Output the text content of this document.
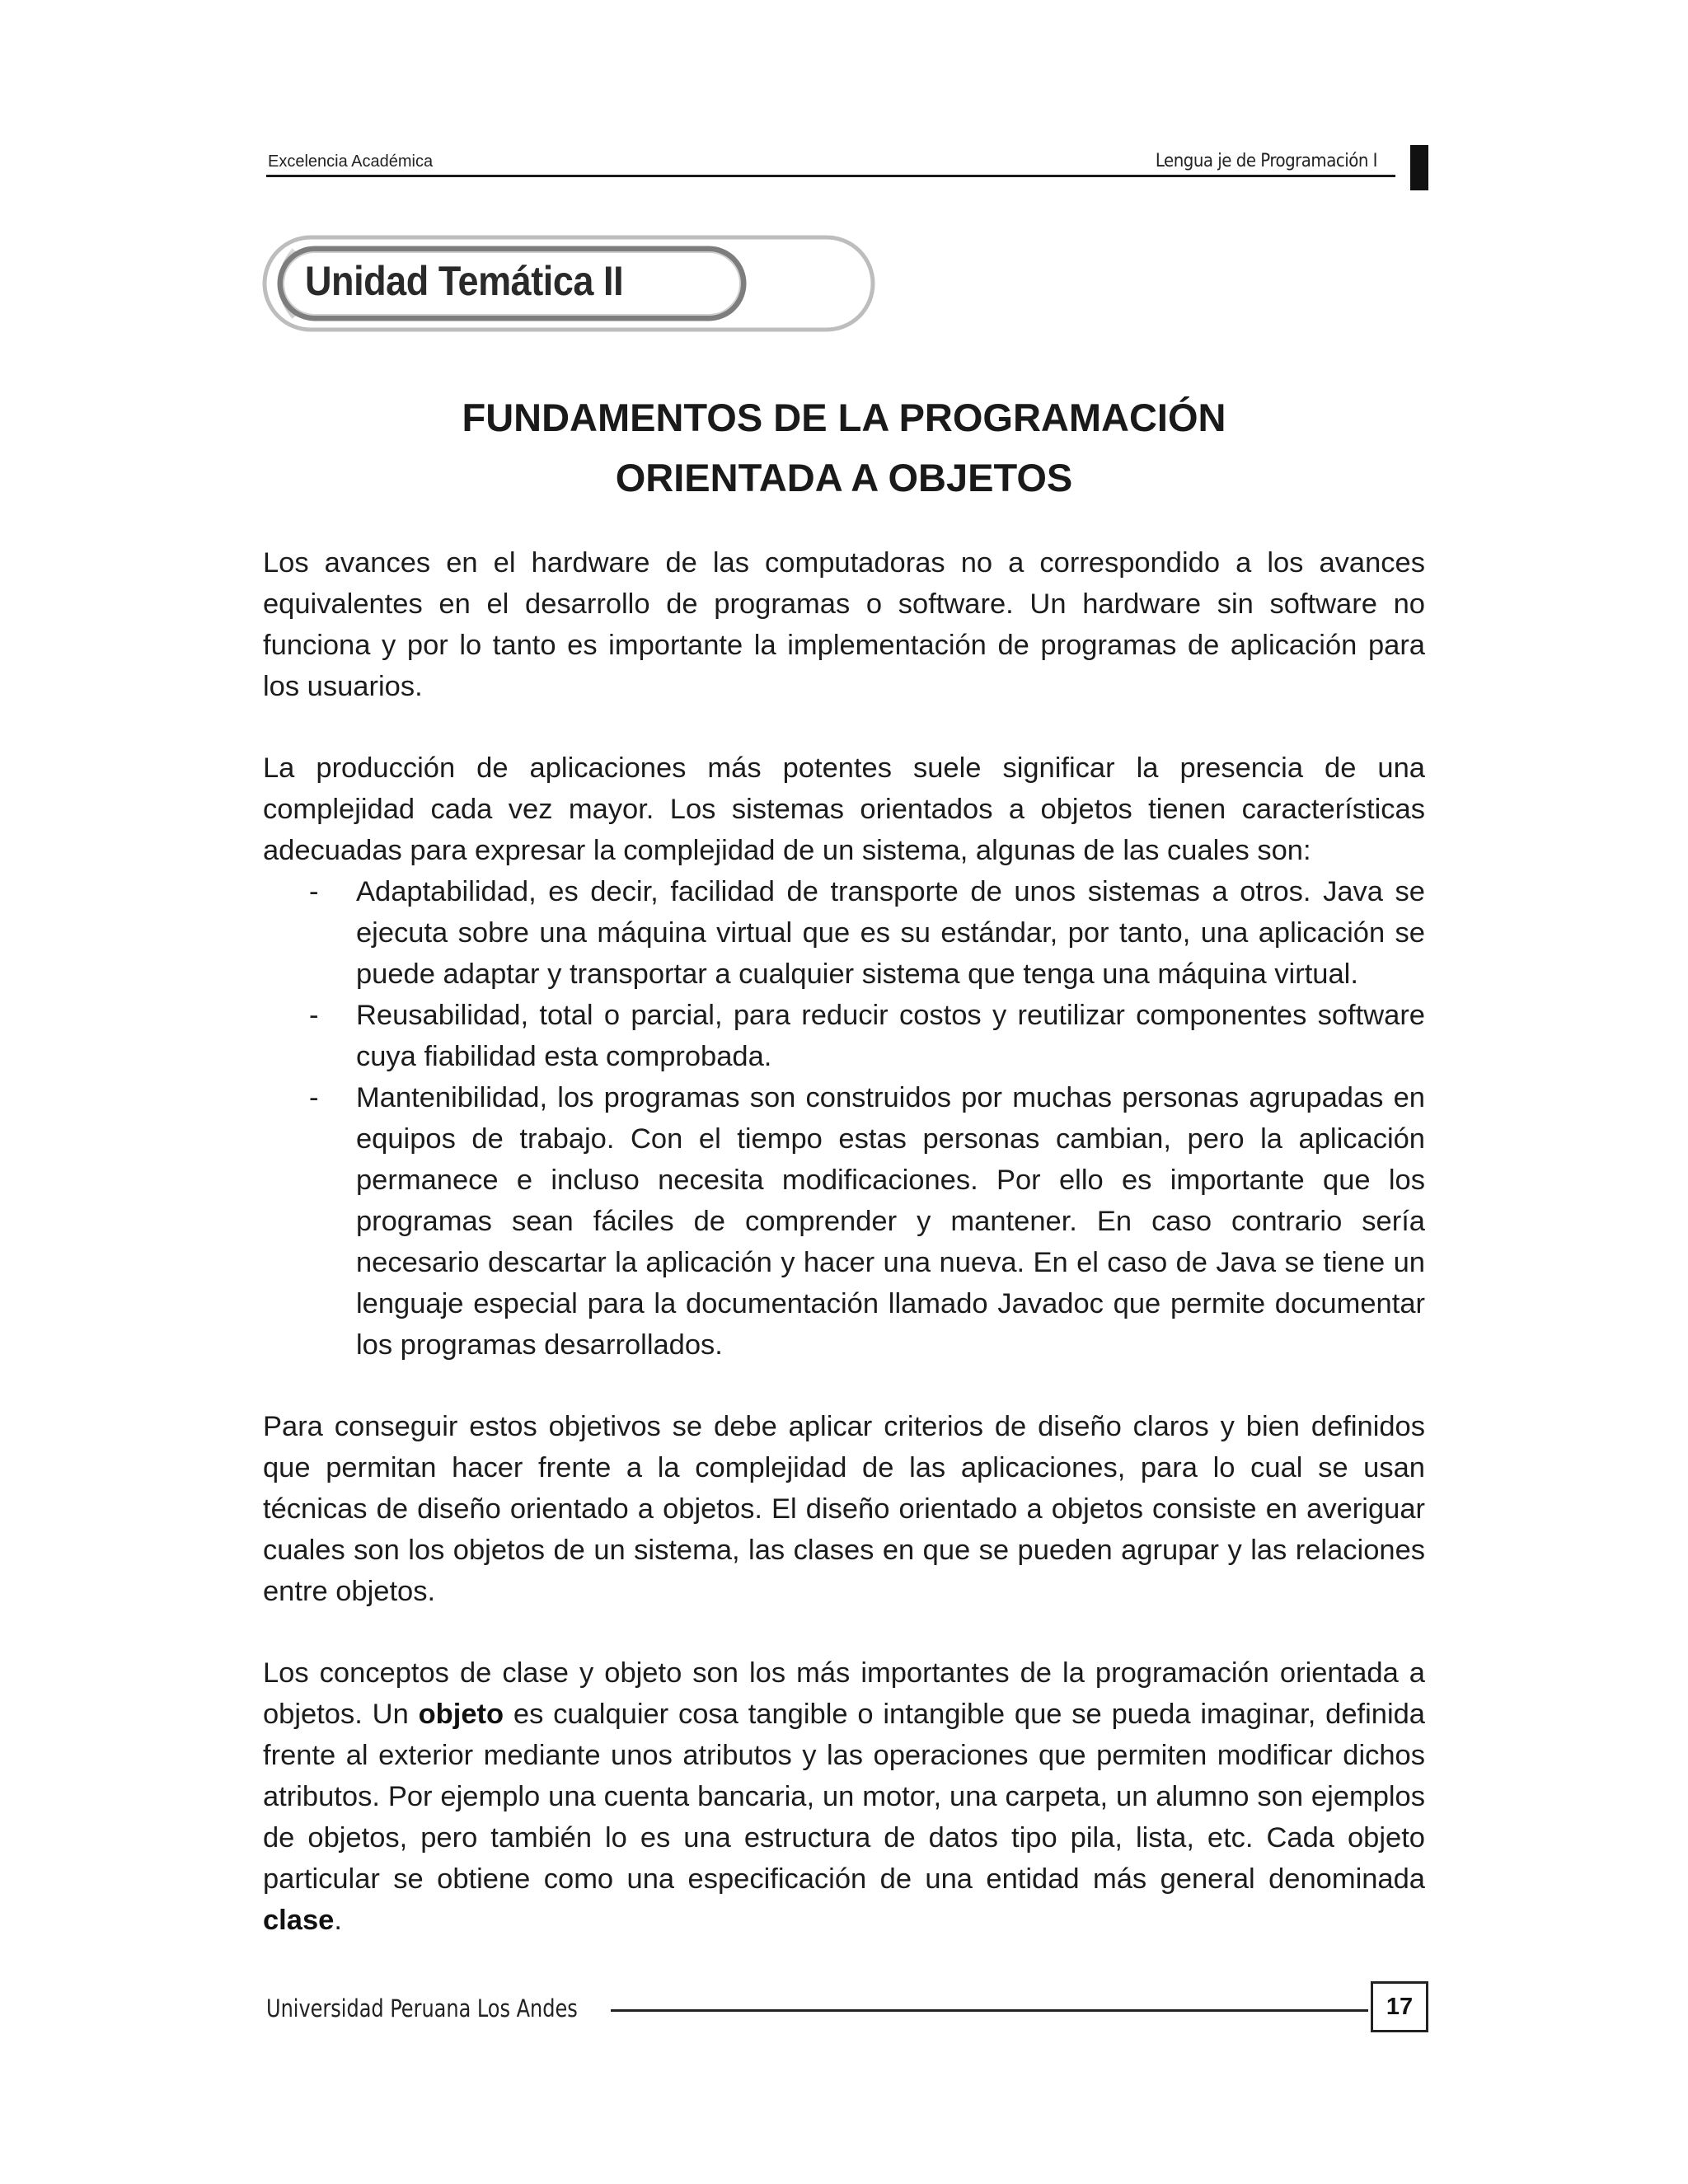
Excelencia Académica	Lengua je de Programación I
Unidad Temática II
FUNDAMENTOS DE LA PROGRAMACIÓN
ORIENTADA A OBJETOS

Los avances en el hardware de las computadoras no a correspondido a los avances equivalentes en el desarrollo de programas o software. Un hardware sin software no funciona y por lo tanto es importante la implementación de programas de aplicación para los usuarios.

La producción de aplicaciones más potentes suele significar la presencia de una complejidad cada vez mayor. Los sistemas orientados a objetos tienen características adecuadas para expresar la complejidad de un sistema, algunas de las cuales son:

- Adaptabilidad, es decir, facilidad de transporte de unos sistemas a otros. Java se ejecuta sobre una máquina virtual que es su estándar, por tanto, una aplicación se puede adaptar y transportar a cualquier sistema que tenga una máquina virtual.
- Reusabilidad, total o parcial, para reducir costos y reutilizar componentes software cuya fiabilidad esta comprobada.
- Mantenibilidad, los programas son construidos por muchas personas agrupadas en equipos de trabajo. Con el tiempo estas personas cambian, pero la aplicación permanece e incluso necesita modificaciones. Por ello es importante que los programas sean fáciles de comprender y mantener. En caso contrario sería necesario descartar la aplicación y hacer una nueva. En el caso de Java se tiene un lenguaje especial para la documentación llamado Javadoc que permite documentar los programas desarrollados.

Para conseguir estos objetivos se debe aplicar criterios de diseño claros y bien definidos que permitan hacer frente a la complejidad de las aplicaciones, para lo cual se usan técnicas de diseño orientado a objetos. El diseño orientado a objetos consiste en averiguar cuales son los objetos de un sistema, las clases en que se pueden agrupar y las relaciones entre objetos.

Los conceptos de clase y objeto son los más importantes de la programación orientada a objetos. Un objeto es cualquier cosa tangible o intangible que se pueda imaginar, definida frente al exterior mediante unos atributos y las operaciones que permiten modificar dichos atributos. Por ejemplo una cuenta bancaria, un motor, una carpeta, un alumno son ejemplos de objetos, pero también lo es una estructura de datos tipo pila, lista, etc. Cada objeto particular se obtiene como una especificación de una entidad más general denominada clase.

Universidad Peruana Los Andes	17
